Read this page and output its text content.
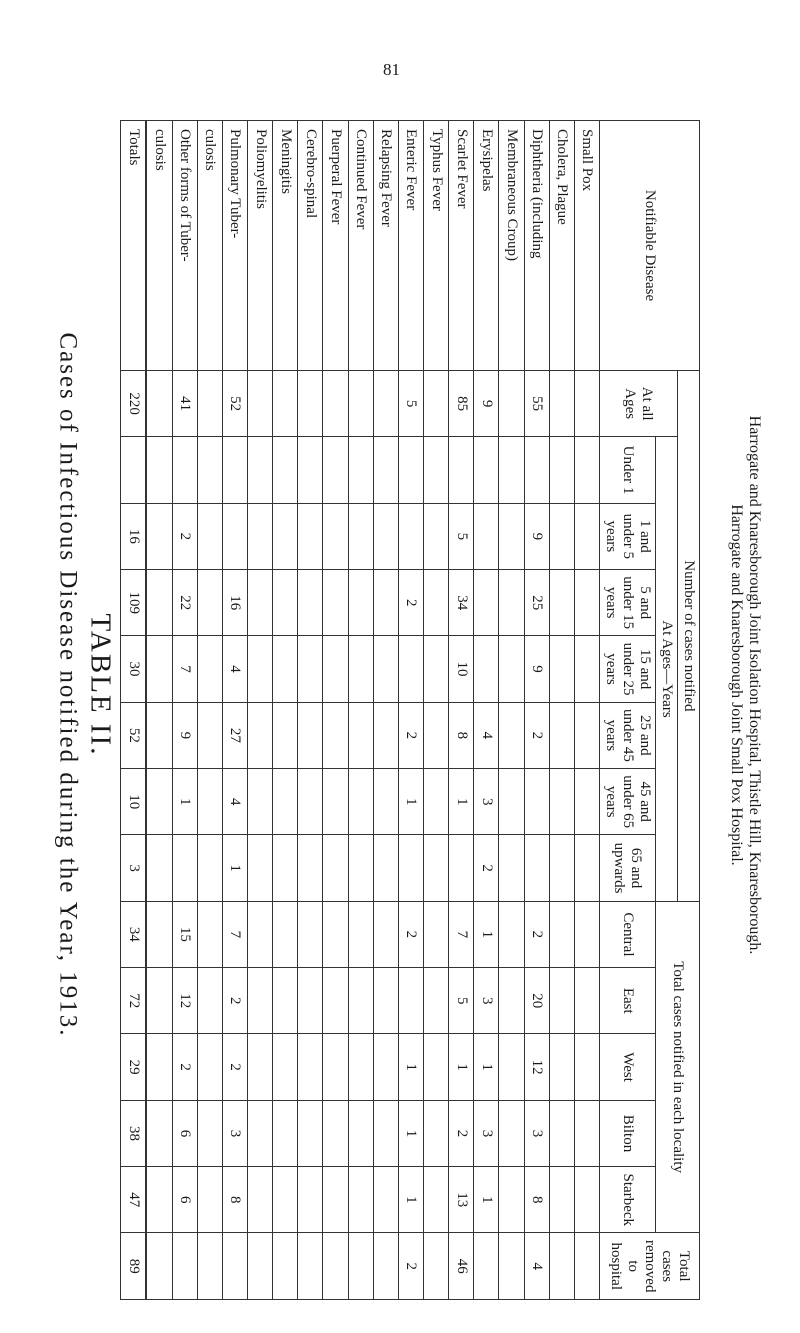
81
TABLE II.
Cases of Infectious Disease notified during the Year, 1913.
Notifiable Disease	Number of cases notified								Total cases notified in each locality					Total cases removed to hospital
	At all Ages	At Ages—Years												
		Under 1	1 and under 5 years	5 and under 15 years	15 and under 25 years	25 and under 45 years	45 and under 65 years	65 and upwards	Central	East	West	Bilton	Starbeck	
Small Pox														
Cholera, Plague														
Diphtheria (including	55		9	25	9	2			2	20	12	3	8	4
Membraneous Croup)														
Erysipelas	9					4	3	2	1	3	1	3	1	
Scarlet Fever	85		5	34	10	8	1		7	5	1	2	13	46
Typhus Fever														
Enteric Fever	5			2		2	1		2		1	1	1	2
Relapsing Fever														
Continued Fever														
Puerperal Fever														
Cerebro-spinal														
Meningitis														
Poliomyelitis														
Pulmonary Tuber-	52			16	4	27	4	1	7	2	2	3	8	
culosis														
Other forms of Tuber-	41		2	22	7	9	1		15	12	2	6	6	
culosis														
Totals	220		16	109	30	52	10	3	34	72	29	38	47	89
Harrogate and Knaresborough Joint Isolation Hospital, Thistle Hill, Knaresborough.
Harrogate and Knaresborough Joint Small Pox Hospital.
